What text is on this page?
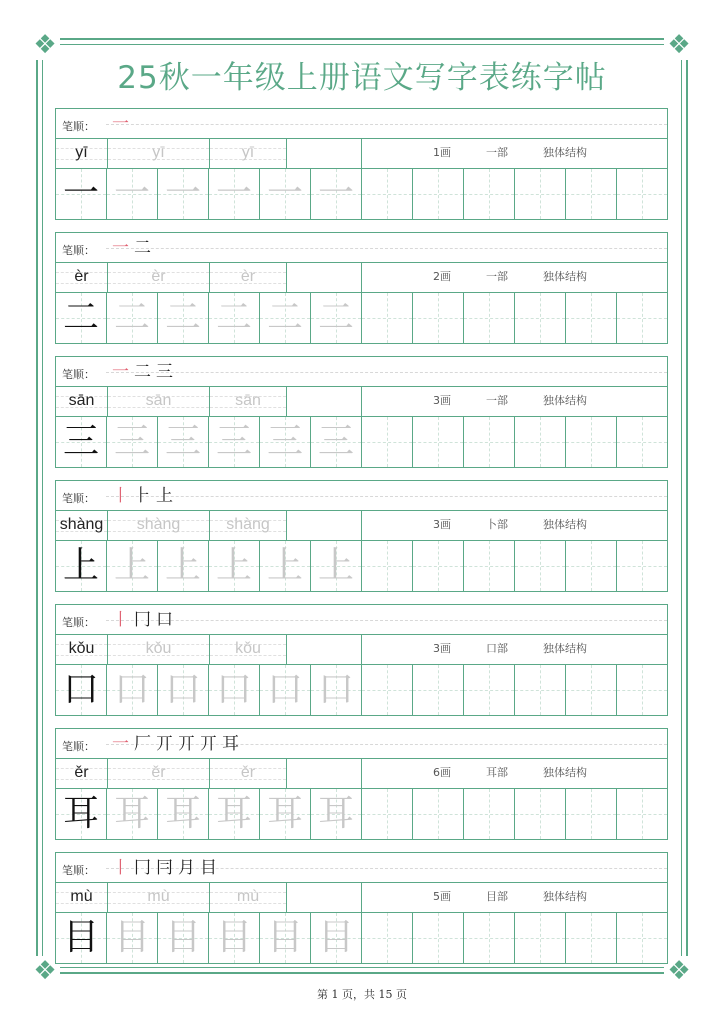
❖	❖
❖	❖
25秋一年级上册语文写字表练字帖
笔顺： 一
yī	yī	yī	1画	一部	独体结构
一 一 一 一 一 一
笔顺： 一 二
èr	èr	èr	2画	一部	独体结构
二 二 二 二 二 二
笔顺： 一 二 三
sān	sān	sān	3画	一部	独体结构
三 三 三 三 三 三
笔顺： 丨 ⺊ 上
shàng	shàng	shàng	3画	卜部	独体结构
上 上 上 上 上 上
笔顺： 丨 冂 口
kǒu	kǒu	kǒu	3画	口部	独体结构
口 口 口 口 口 口
笔顺： 一 厂 丌 丌 丌 耳
ěr	ěr	ěr	6画	耳部	独体结构
耳 耳 耳 耳 耳 耳
笔顺： 丨 冂 冃 月 目
mù	mù	mù	5画	目部	独体结构
目 目 目 目 目 目
第 1 页，共 15 页
